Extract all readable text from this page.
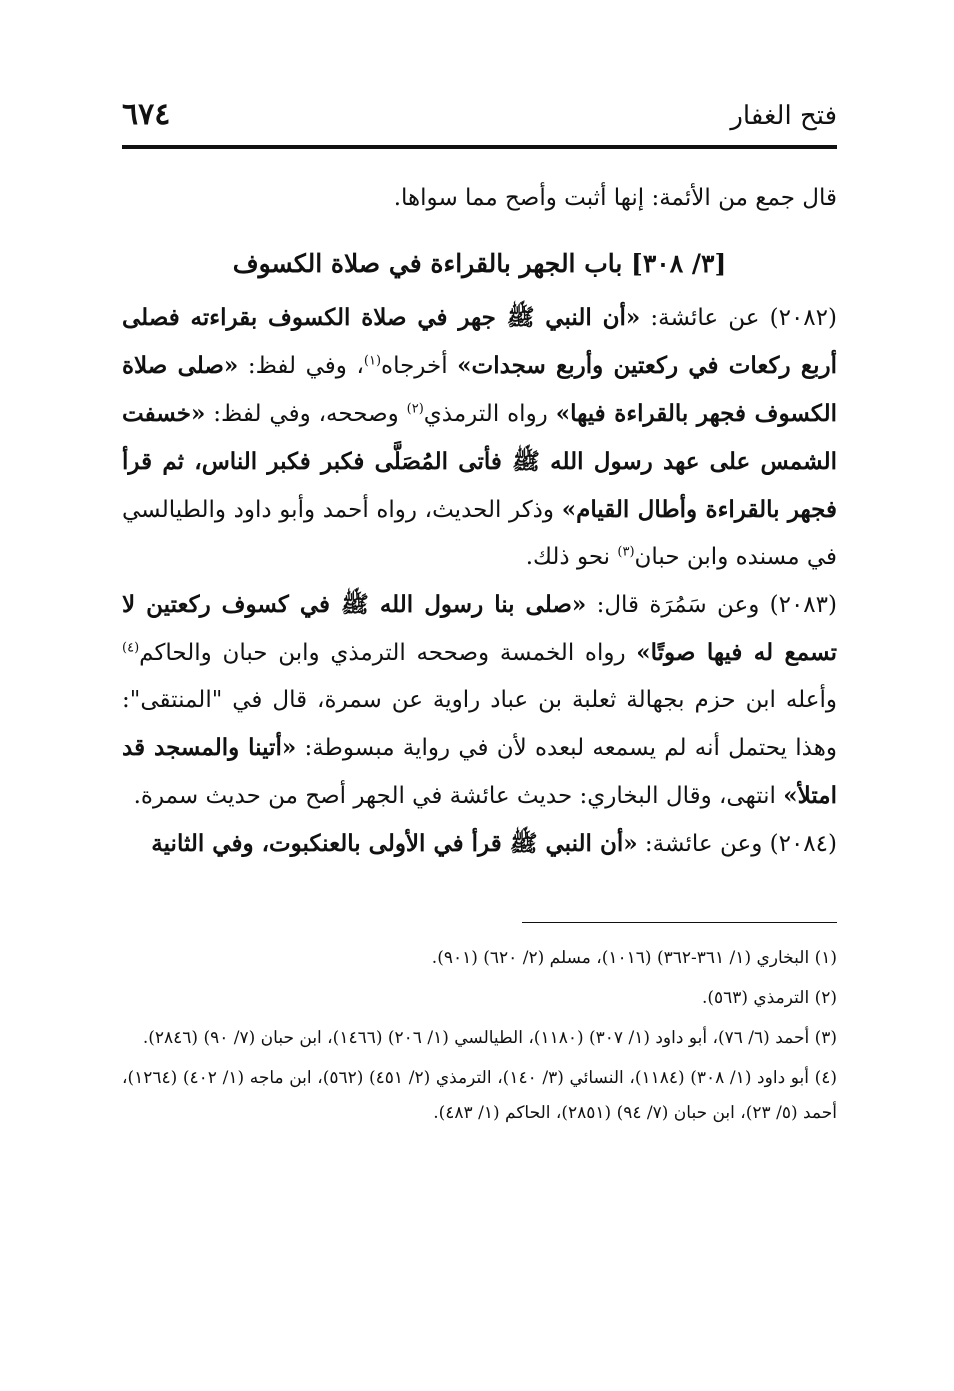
فتح الغفار
٦٧٤

قال جمع من الأئمة: إنها أثبت وأصح مما سواها.

[٣/ ٣٠٨] باب الجهر بالقراءة في صلاة الكسوف

(٢٠٨٢) عن عائشة: «أن النبي ﷺ جهر في صلاة الكسوف بقراءته فصلى أربع ركعات في ركعتين وأربع سجدات» أخرجاه$^{(١)}$، وفي لفظ: «صلى صلاة الكسوف فجهر بالقراءة فيها» رواه الترمذي$^{(٢)}$ وصححه، وفي لفظ: «خسفت الشمس على عهد رسول الله ﷺ فأتى المُصَلَّى فكبر فكبر الناس، ثم قرأ فجهر بالقراءة وأطال القيام» وذكر الحديث، رواه أحمد وأبو داود والطيالسي في مسنده وابن حبان$^{(٣)}$ نحو ذلك.

(٢٠٨٣) وعن سَمُرَة قال: «صلى بنا رسول الله ﷺ في كسوف ركعتين لا تسمع له فيها صوتًا» رواه الخمسة وصححه الترمذي وابن حبان والحاكم$^{(٤)}$ وأعله ابن حزم بجهالة ثعلبة بن عباد راوية عن سمرة، قال في "المنتقى": وهذا يحتمل أنه لم يسمعه لبعده لأن في رواية مبسوطة: «أتينا والمسجد قد امتلأ» انتهى، وقال البخاري: حديث عائشة في الجهر أصح من حديث سمرة.

(٢٠٨٤) وعن عائشة: «أن النبي ﷺ قرأ في الأولى بالعنكبوت، وفي الثانية

(١) البخاري (١/ ٣٦١-٣٦٢) (١٠١٦)، مسلم (٢/ ٦٢٠) (٩٠١).

(٢) الترمذي (٥٦٣).

(٣) أحمد (٦/ ٧٦)، أبو داود (١/ ٣٠٧) (١١٨٠)، الطيالسي (١/ ٢٠٦) (١٤٦٦)، ابن حبان (٧/ ٩٠) (٢٨٤٦).

(٤) أبو داود (١/ ٣٠٨) (١١٨٤)، النسائي (٣/ ١٤٠)، الترمذي (٢/ ٤٥١) (٥٦٢)، ابن ماجه (١/ ٤٠٢) (١٢٦٤)، أحمد (٥/ ٢٣)، ابن حبان (٧/ ٩٤) (٢٨٥١)، الحاكم (١/ ٤٨٣).
